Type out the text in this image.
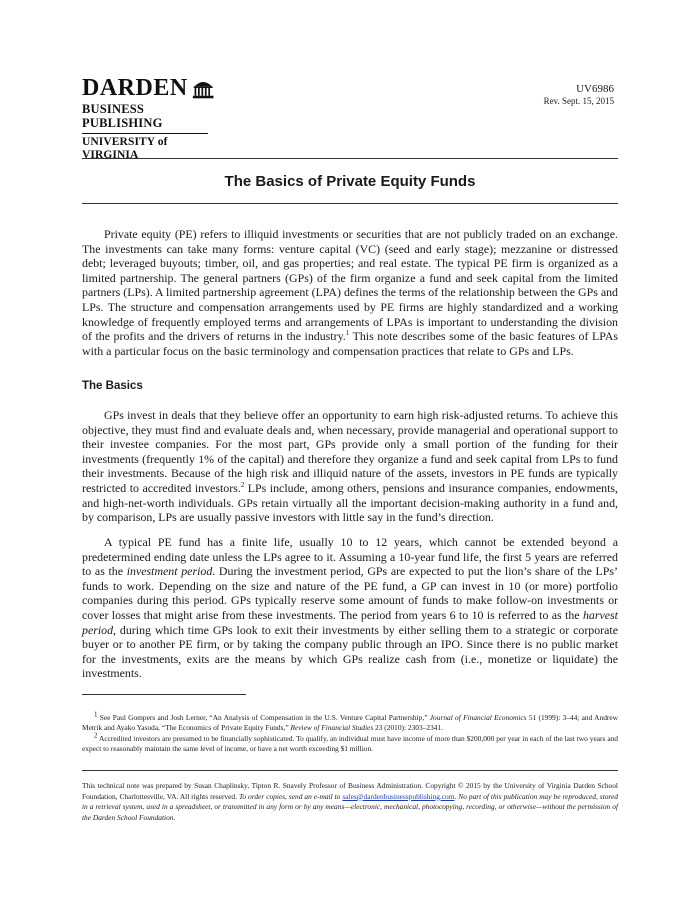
DARDEN
BUSINESS PUBLISHING
UNIVERSITY of VIRGINIA
UV6986
Rev. Sept. 15, 2015
The Basics of Private Equity Funds

Private equity (PE) refers to illiquid investments or securities that are not publicly traded on an exchange. The investments can take many forms: venture capital (VC) (seed and early stage); mezzanine or distressed debt; leveraged buyouts; timber, oil, and gas properties; and real estate. The typical PE firm is organized as a limited partnership. The general partners (GPs) of the firm organize a fund and seek capital from the limited partners (LPs). A limited partnership agreement (LPA) defines the terms of the relationship between the GPs and LPs. The structure and compensation arrangements used by PE firms are highly standardized and a working knowledge of frequently employed terms and arrangements of LPAs is important to understanding the division of the profits and the drivers of returns in the industry.$^1$ This note describes some of the basic features of LPAs with a particular focus on the basic terminology and compensation practices that relate to GPs and LPs.

The Basics

GPs invest in deals that they believe offer an opportunity to earn high risk-adjusted returns. To achieve this objective, they must find and evaluate deals and, when necessary, provide managerial and operational support to their investee companies. For the most part, GPs provide only a small portion of the funding for their investments (frequently 1% of the capital) and therefore they organize a fund and seek capital from LPs to fund their investments. Because of the high risk and illiquid nature of the assets, investors in PE funds are typically restricted to accredited investors.$^2$ LPs include, among others, pensions and insurance companies, endowments, and high-net-worth individuals. GPs retain virtually all the important decision-making authority in a fund and, by comparison, LPs are usually passive investors with little say in the fund’s direction.

A typical PE fund has a finite life, usually 10 to 12 years, which cannot be extended beyond a predetermined ending date unless the LPs agree to it. Assuming a 10-year fund life, the first 5 years are referred to as the investment period. During the investment period, GPs are expected to put the lion’s share of the LPs’ funds to work. Depending on the size and nature of the PE fund, a GP can invest in 10 (or more) portfolio companies during this period. GPs typically reserve some amount of funds to make follow-on investments or cover losses that might arise from these investments. The period from years 6 to 10 is referred to as the harvest period, during which time GPs look to exit their investments by either selling them to a strategic or corporate buyer or to another PE firm, or by taking the company public through an IPO. Since there is no public market for the investments, exits are the means by which GPs realize cash from (i.e., monetize or liquidate) the investments.

$^1$ See Paul Gompers and Josh Lerner, “An Analysis of Compensation in the U.S. Venture Capital Partnership,” Journal of Financial Economics 51 (1999): 3–44; and Andrew Metrik and Ayako Yasuda, “The Economics of Private Equity Funds,” Review of Financial Studies 23 (2010): 2303–2341.

$^2$ Accredited investors are presumed to be financially sophisticated. To qualify, an individual must have income of more than $200,000 per year in each of the last two years and expect to reasonably maintain the same level of income, or have a net worth exceeding $1 million.

This technical note was prepared by Susan Chaplinsky, Tipton R. Snavely Professor of Business Administration. Copyright © 2015 by the University of Virginia Darden School Foundation, Charlottesville, VA. All rights reserved. To order copies, send an e-mail to sales@dardenbusinesspublishing.com. No part of this publication may be reproduced, stored in a retrieval system, used in a spreadsheet, or transmitted in any form or by any means—electronic, mechanical, photocopying, recording, or otherwise—without the permission of the Darden School Foundation.
